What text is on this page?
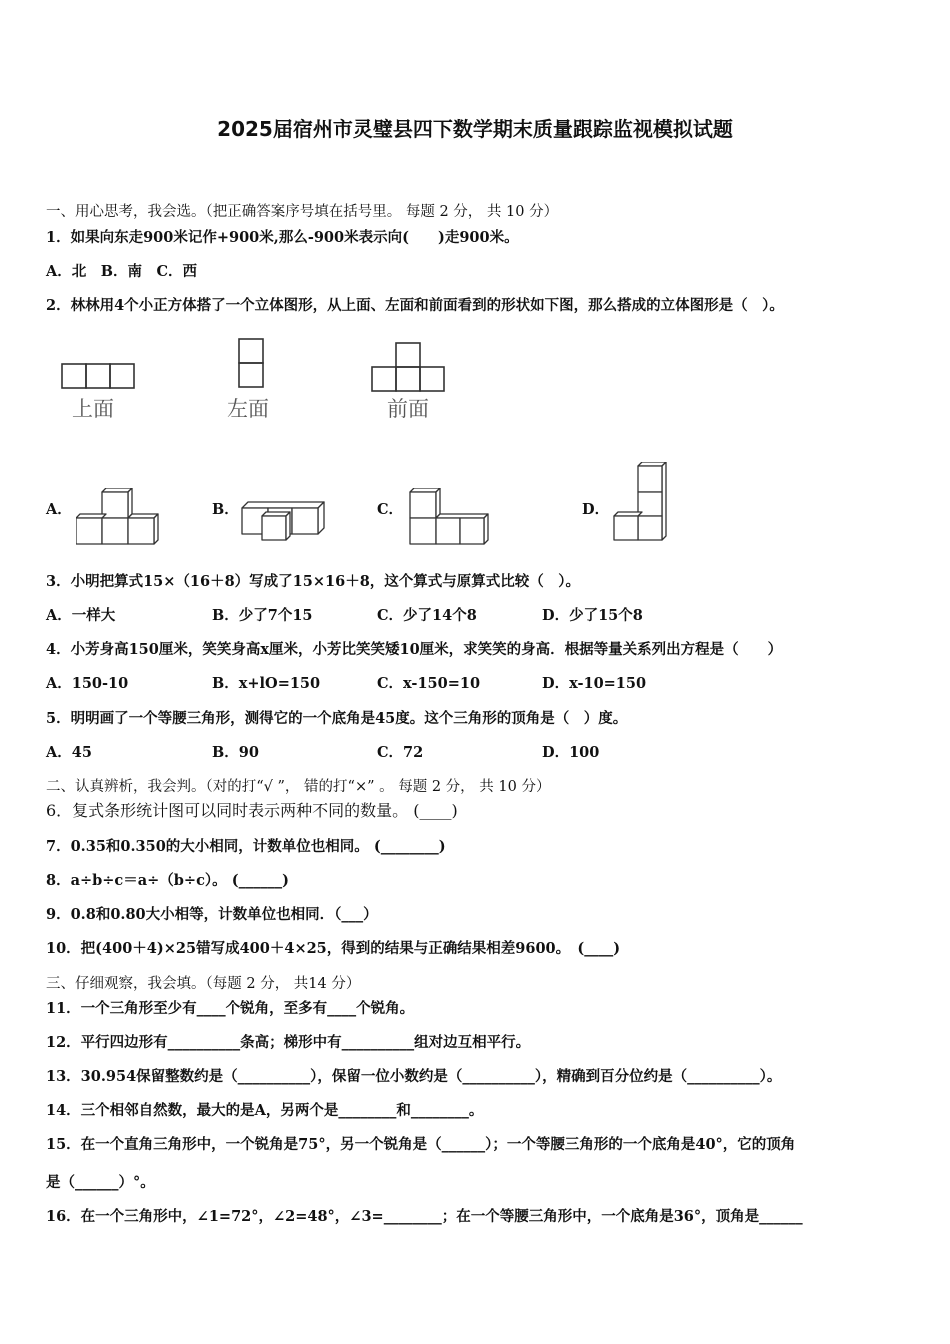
2025届宿州市灵璧县四下数学期末质量跟踪监视模拟试题
一、用心思考，我会选。（把正确答案序号填在括号里。 每题 2 分， 共 10 分）
1．如果向东走900米记作+900米,那么-900米表示向(　　)走900米。
A．北　B．南　C．西
2．林林用4个小正方体搭了一个立体图形，从上面、左面和前面看到的形状如下图，那么搭成的立体图形是（　）。
上面	左面	前面
A．	B．	C．	D．
3．小明把算式15×（16＋8）写成了15×16＋8，这个算式与原算式比较（　）。
A．一样大	B．少了7个15	C．少了14个8	D．少了15个8
4．小芳身高150厘米，笑笑身高x厘米，小芳比笑笑矮10厘米，求笑笑的身高．根据等量关系列出方程是（　　）
A．150-10	B．x+lO=150	C．x-150=10	D．x-10=150
5．明明画了一个等腰三角形，测得它的一个底角是45度。这个三角形的顶角是（　）度。
A．45	B．90	C．72	D．100
二、认真辨析，我会判。（对的打“√ ”， 错的打“×” 。 每题 2 分， 共 10 分）
6．复式条形统计图可以同时表示两种不同的数量。 (____)
7．0.35和0.350的大小相同，计数单位也相同。 (________)
8．a÷b÷c＝a÷（b÷c）。 (______)
9．0.8和0.80大小相等，计数单位也相同．（___）
10．把(400＋4)×25错写成400＋4×25，得到的结果与正确结果相差9600。　(____)
三、仔细观察，我会填。（每题 2 分， 共14 分）
11．一个三角形至少有____个锐角，至多有____个锐角。
12．平行四边形有__________条高；梯形中有__________组对边互相平行。
13．30.954保留整数约是（__________），保留一位小数约是（__________），精确到百分位约是（__________）。
14．三个相邻自然数，最大的是A，另两个是________和________。
15．在一个直角三角形中，一个锐角是75°，另一个锐角是（______）；一个等腰三角形的一个底角是40°，它的顶角
是（______）°。
16．在一个三角形中，∠1=72°，∠2=48°，∠3=________；在一个等腰三角形中，一个底角是36°，顶角是______
